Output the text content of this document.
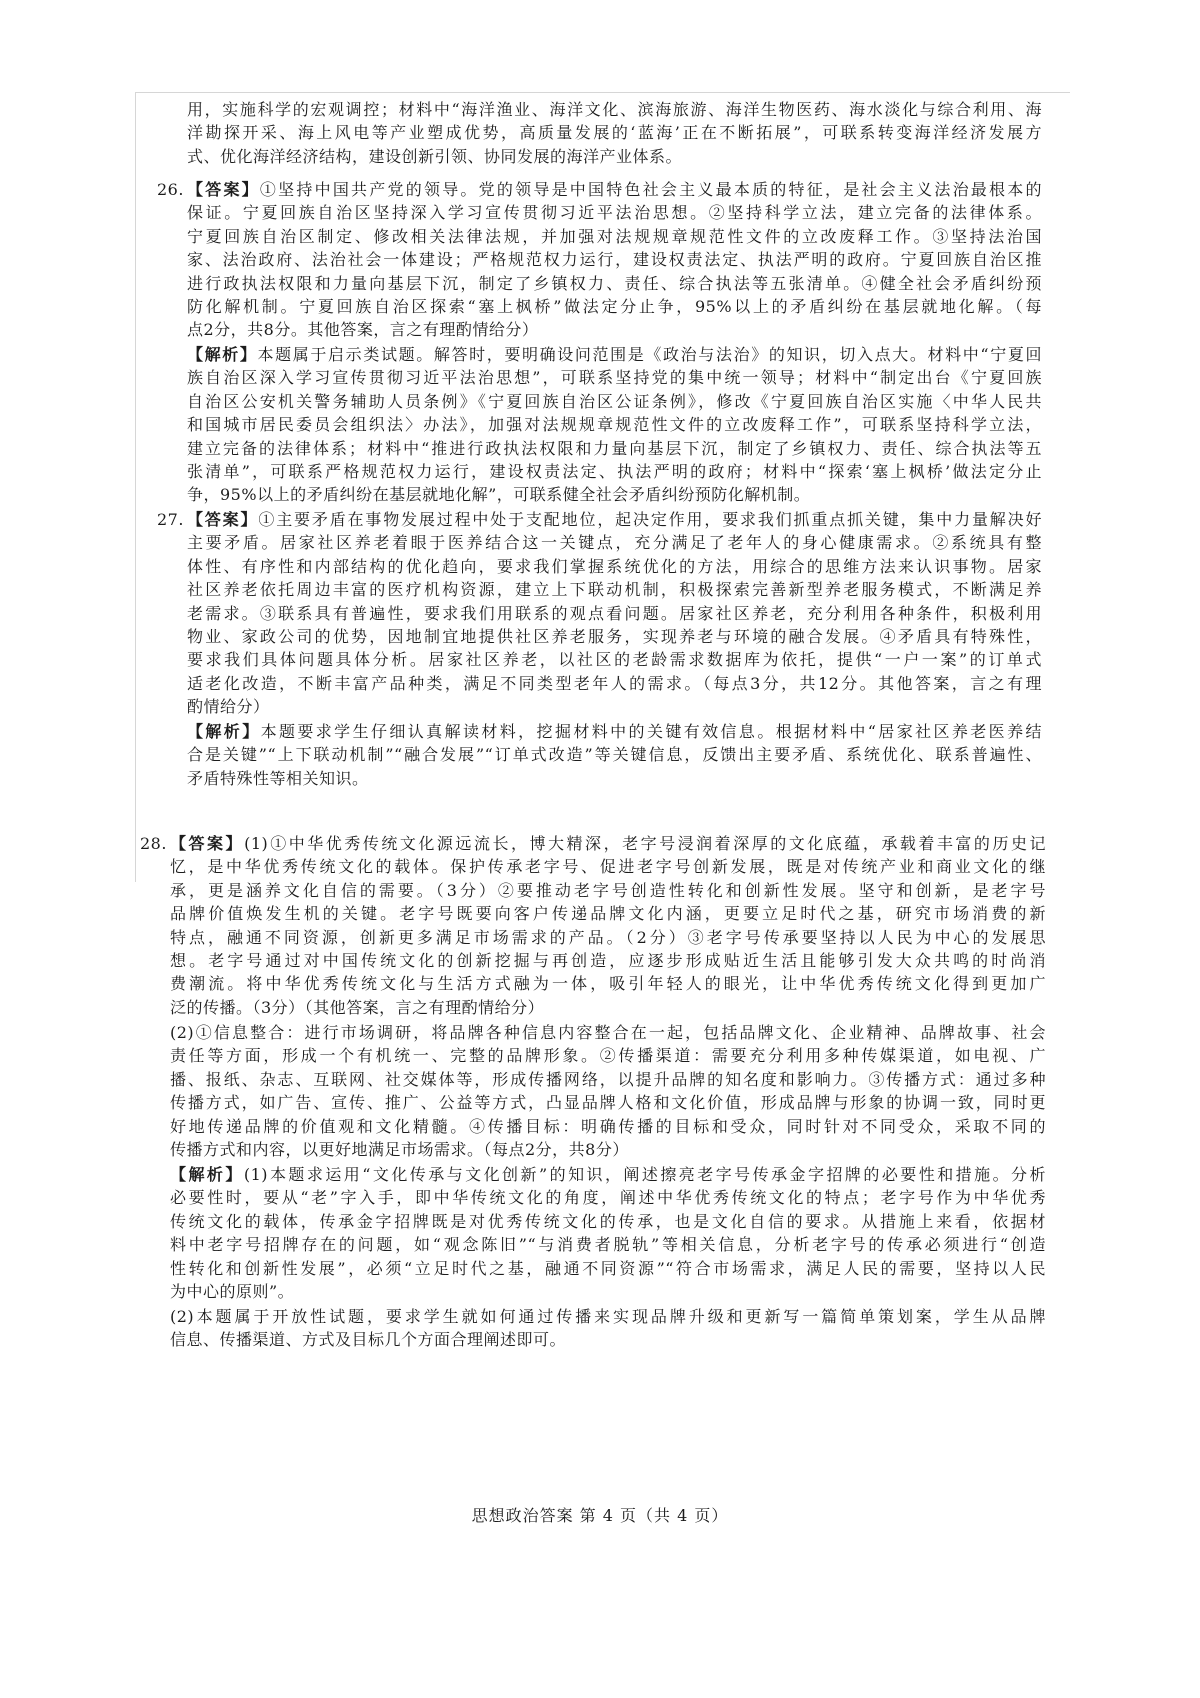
用，实施科学的宏观调控；材料中“海洋渔业、海洋文化、滨海旅游、海洋生物医药、海水淡化与综合利用、海

洋勘探开采、海上风电等产业塑成优势，高质量发展的‘蓝海’正在不断拓展”，可联系转变海洋经济发展方

式、优化海洋经济结构，建设创新引领、协同发展的海洋产业体系。

26. 【答案】①坚持中国共产党的领导。党的领导是中国特色社会主义最本质的特征，是社会主义法治最根本的

保证。宁夏回族自治区坚持深入学习宣传贯彻习近平法治思想。②坚持科学立法，建立完备的法律体系。

宁夏回族自治区制定、修改相关法律法规，并加强对法规规章规范性文件的立改废释工作。③坚持法治国

家、法治政府、法治社会一体建设；严格规范权力运行，建设权责法定、执法严明的政府。宁夏回族自治区推

进行政执法权限和力量向基层下沉，制定了乡镇权力、责任、综合执法等五张清单。④健全社会矛盾纠纷预

防化解机制。宁夏回族自治区探索“塞上枫桥”做法定分止争，95%以上的矛盾纠纷在基层就地化解。（每

点2分，共8分。其他答案，言之有理酌情给分）

【解析】本题属于启示类试题。解答时，要明确设问范围是《政治与法治》的知识，切入点大。材料中“宁夏回

族自治区深入学习宣传贯彻习近平法治思想”，可联系坚持党的集中统一领导；材料中“制定出台《宁夏回族

自治区公安机关警务辅助人员条例》《宁夏回族自治区公证条例》，修改《宁夏回族自治区实施〈中华人民共

和国城市居民委员会组织法〉办法》，加强对法规规章规范性文件的立改废释工作”，可联系坚持科学立法，

建立完备的法律体系；材料中“推进行政执法权限和力量向基层下沉，制定了乡镇权力、责任、综合执法等五

张清单”，可联系严格规范权力运行，建设权责法定、执法严明的政府；材料中“探索‘塞上枫桥’做法定分止

争，95%以上的矛盾纠纷在基层就地化解”，可联系健全社会矛盾纠纷预防化解机制。

27. 【答案】①主要矛盾在事物发展过程中处于支配地位，起决定作用，要求我们抓重点抓关键，集中力量解决好

主要矛盾。居家社区养老着眼于医养结合这一关键点，充分满足了老年人的身心健康需求。②系统具有整

体性、有序性和内部结构的优化趋向，要求我们掌握系统优化的方法，用综合的思维方法来认识事物。居家

社区养老依托周边丰富的医疗机构资源，建立上下联动机制，积极探索完善新型养老服务模式，不断满足养

老需求。③联系具有普遍性，要求我们用联系的观点看问题。居家社区养老，充分利用各种条件，积极利用

物业、家政公司的优势，因地制宜地提供社区养老服务，实现养老与环境的融合发展。④矛盾具有特殊性，

要求我们具体问题具体分析。居家社区养老，以社区的老龄需求数据库为依托，提供“一户一案”的订单式

适老化改造，不断丰富产品种类，满足不同类型老年人的需求。（每点3分，共12分。其他答案，言之有理

酌情给分）

【解析】本题要求学生仔细认真解读材料，挖掘材料中的关键有效信息。根据材料中“居家社区养老医养结

合是关键”“上下联动机制”“融合发展”“订单式改造”等关键信息，反馈出主要矛盾、系统优化、联系普遍性、

矛盾特殊性等相关知识。

28. 【答案】(1)①中华优秀传统文化源远流长，博大精深，老字号浸润着深厚的文化底蕴，承载着丰富的历史记

忆，是中华优秀传统文化的载体。保护传承老字号、促进老字号创新发展，既是对传统产业和商业文化的继

承，更是涵养文化自信的需要。（3分）②要推动老字号创造性转化和创新性发展。坚守和创新，是老字号

品牌价值焕发生机的关键。老字号既要向客户传递品牌文化内涵，更要立足时代之基，研究市场消费的新

特点，融通不同资源，创新更多满足市场需求的产品。（2分）③老字号传承要坚持以人民为中心的发展思

想。老字号通过对中国传统文化的创新挖掘与再创造，应逐步形成贴近生活且能够引发大众共鸣的时尚消

费潮流。将中华优秀传统文化与生活方式融为一体，吸引年轻人的眼光，让中华优秀传统文化得到更加广

泛的传播。（3分）（其他答案，言之有理酌情给分）

(2)①信息整合：进行市场调研，将品牌各种信息内容整合在一起，包括品牌文化、企业精神、品牌故事、社会

责任等方面，形成一个有机统一、完整的品牌形象。②传播渠道：需要充分利用多种传媒渠道，如电视、广

播、报纸、杂志、互联网、社交媒体等，形成传播网络，以提升品牌的知名度和影响力。③传播方式：通过多种

传播方式，如广告、宣传、推广、公益等方式，凸显品牌人格和文化价值，形成品牌与形象的协调一致，同时更

好地传递品牌的价值观和文化精髓。④传播目标：明确传播的目标和受众，同时针对不同受众，采取不同的

传播方式和内容，以更好地满足市场需求。（每点2分，共8分）

【解析】(1)本题求运用“文化传承与文化创新”的知识，阐述擦亮老字号传承金字招牌的必要性和措施。分析

必要性时，要从“老”字入手，即中华传统文化的角度，阐述中华优秀传统文化的特点；老字号作为中华优秀

传统文化的载体，传承金字招牌既是对优秀传统文化的传承，也是文化自信的要求。从措施上来看，依据材

料中老字号招牌存在的问题，如“观念陈旧”“与消费者脱轨”等相关信息，分析老字号的传承必须进行“创造

性转化和创新性发展”，必须“立足时代之基，融通不同资源”“符合市场需求，满足人民的需要，坚持以人民

为中心的原则”。

(2)本题属于开放性试题，要求学生就如何通过传播来实现品牌升级和更新写一篇简单策划案，学生从品牌

信息、传播渠道、方式及目标几个方面合理阐述即可。

思想政治答案 第 4 页（共 4 页）
